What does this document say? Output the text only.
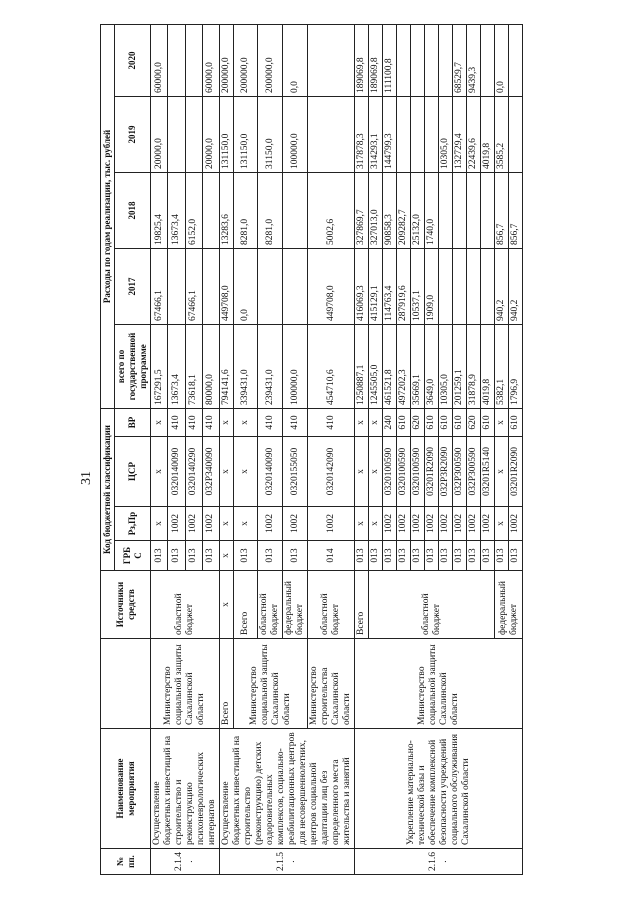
31
№ пп.	Наименование мероприятия		Источники средств	Код бюджетной классификации				Расходы по годам реализации, тыс. рублей				
				ГРБ С	Рз,Пр	ЦСР	ВР	всего по государственной программе	2017	2018	2019	2020
2.1.4.	Осуществление бюджетных инвестиций на строительство и реконструкцию психоневрологических интернатов	Министерство социальной защиты Сахалинской области	областной бюджет	013	х	х	х	167291,5	67466,1	19825,4	20000,0	60000,0
				013	1002	0320140090	410	13673,4		13673,4		
				013	1002	0320140290	410	73618,1	67466,1	6152,0		
				013	1002	032Р340090	410	80000,0			20000,0	60000,0
2.1.5.	Осуществление бюджетных инвестиций на строительство (реконструкцию) детских оздоровительных комплексов, социально-реабилитационных центров для несовершеннолетних, центров социальной адаптации лиц без определенного места жительства и занятий	Всего	х	х	х	х	х	794141,6	449708,0	13283,6	131150,0	200000,0
		Министерство социальной защиты Сахалинской области	Всего	013	х	х	х	339431,0	0,0	8281,0	131150,0	200000,0
			областной бюджет	013	1002	0320140090	410	239431,0		8281,0	31150,0	200000,0
			федеральный бюджет	013	1002	0320155050	410	100000,0			100000,0	0,0
		Министерство строительства Сахалинской области	областной бюджет	014	1002	0320142090	410	454710,6	449708,0	5002,6		
2.1.6.	Укрепление материально-технической базы и обеспечение комплексной безопасности учреждений социального обслуживания Сахалинской области	Министерство социальной защиты Сахалинской области	Всего	013	х	х	х	1250887,1	416069,3	327869,7	317878,3	189069,8
			областной бюджет	013	х	х	х	1245505,0	415129,1	327013,0	314293,1	189069,8
				013	1002	0320100590	240	461521,8	114763,4	90858,3	144799,3	111100,8
				013	1002	0320100590	610	497202,3	287919,6	209282,7		
				013	1002	0320100590	620	35669,1	10537,1	25132,0		
				013	1002	03201R2090	610	3649,0	1909,0	1740,0		
				013	1002	032Р3R2090	610	10305,0			10305,0	
				013	1002	032Р300590	610	201259,1			132729,4	68529,7
				013	1002	032Р300590	620	31878,9			22439,6	9439,3
				013	1002	03201R5140	610	4019,8			4019,8	
			федеральный бюджет	013	х	х	х	5382,1	940,2	856,7	3585,2	0,0
				013	1002	03201R2090	610	1796,9	940,2	856,7		
